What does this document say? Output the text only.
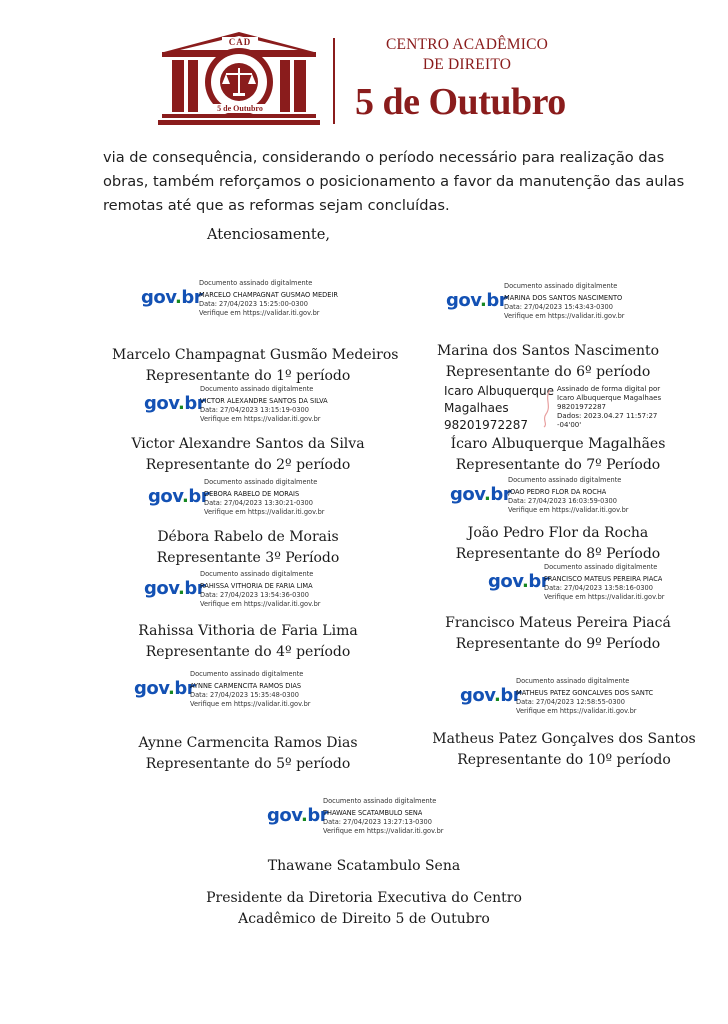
CAD
5 de Outubro
CENTRO ACADÊMICO
DE DIREITO
5 de Outubro
via de consequência, considerando o período necessário para realização das
obras, também reforçamos o posicionamento a favor da manutenção das aulas
remotas até que as reformas sejam concluídas.
Atenciosamente,
gov.br
Documento assinado digitalmente
MARCELO CHAMPAGNAT GUSMAO MEDEIR
Data: 27/04/2023 15:25:00-0300
Verifique em https://validar.iti.gov.br
gov.br
Documento assinado digitalmente
MARINA DOS SANTOS NASCIMENTO
Data: 27/04/2023 15:43:43-0300
Verifique em https://validar.iti.gov.br
gov.br
Documento assinado digitalmente
VICTOR ALEXANDRE SANTOS DA SILVA
Data: 27/04/2023 13:15:19-0300
Verifique em https://validar.iti.gov.br
gov.br
Documento assinado digitalmente
DEBORA RABELO DE MORAIS
Data: 27/04/2023 13:30:21-0300
Verifique em https://validar.iti.gov.br
gov.br
Documento assinado digitalmente
JOAO PEDRO FLOR DA ROCHA
Data: 27/04/2023 16:03:59-0300
Verifique em https://validar.iti.gov.br
gov.br
Documento assinado digitalmente
FRANCISCO MATEUS PEREIRA PIACA
Data: 27/04/2023 13:58:16-0300
Verifique em https://validar.iti.gov.br
gov.br
Documento assinado digitalmente
RAHISSA VITHORIA DE FARIA LIMA
Data: 27/04/2023 13:54:36-0300
Verifique em https://validar.iti.gov.br
gov.br
Documento assinado digitalmente
AYNNE CARMENCITA RAMOS DIAS
Data: 27/04/2023 15:35:48-0300
Verifique em https://validar.iti.gov.br	gov.br
Documento assinado digitalmente
MATHEUS PATEZ GONCALVES DOS SANTC
Data: 27/04/2023 12:58:55-0300
Verifique em https://validar.iti.gov.br
gov.br
Documento assinado digitalmente
THAWANE SCATAMBULO SENA
Data: 27/04/2023 13:27:13-0300
Verifique em https://validar.iti.gov.br
Icaro Albuquerque
Magalhaes
98201972287
Assinado de forma digital por
Icaro Albuquerque Magalhaes
98201972287
Dados: 2023.04.27 11:57:27
-04'00'
Marcelo Champagnat Gusmão Medeiros
Representante do 1º período
Marina dos Santos Nascimento
Representante do 6º período
Victor Alexandre Santos da Silva
Representante do 2º período
Ícaro Albuquerque Magalhães
Representante do 7º Período
Débora Rabelo de Morais
Representante 3º Período
João Pedro Flor da Rocha
Representante do 8º Período
Rahissa Vithoria de Faria Lima
Representante do 4º período
Francisco Mateus Pereira Piacá
Representante do 9º Período
Aynne Carmencita Ramos Dias
Representante do 5º período
Matheus Patez Gonçalves dos Santos
Representante do 10º período
Thawane Scatambulo Sena
Presidente da Diretoria Executiva do Centro
Acadêmico de Direito 5 de Outubro
